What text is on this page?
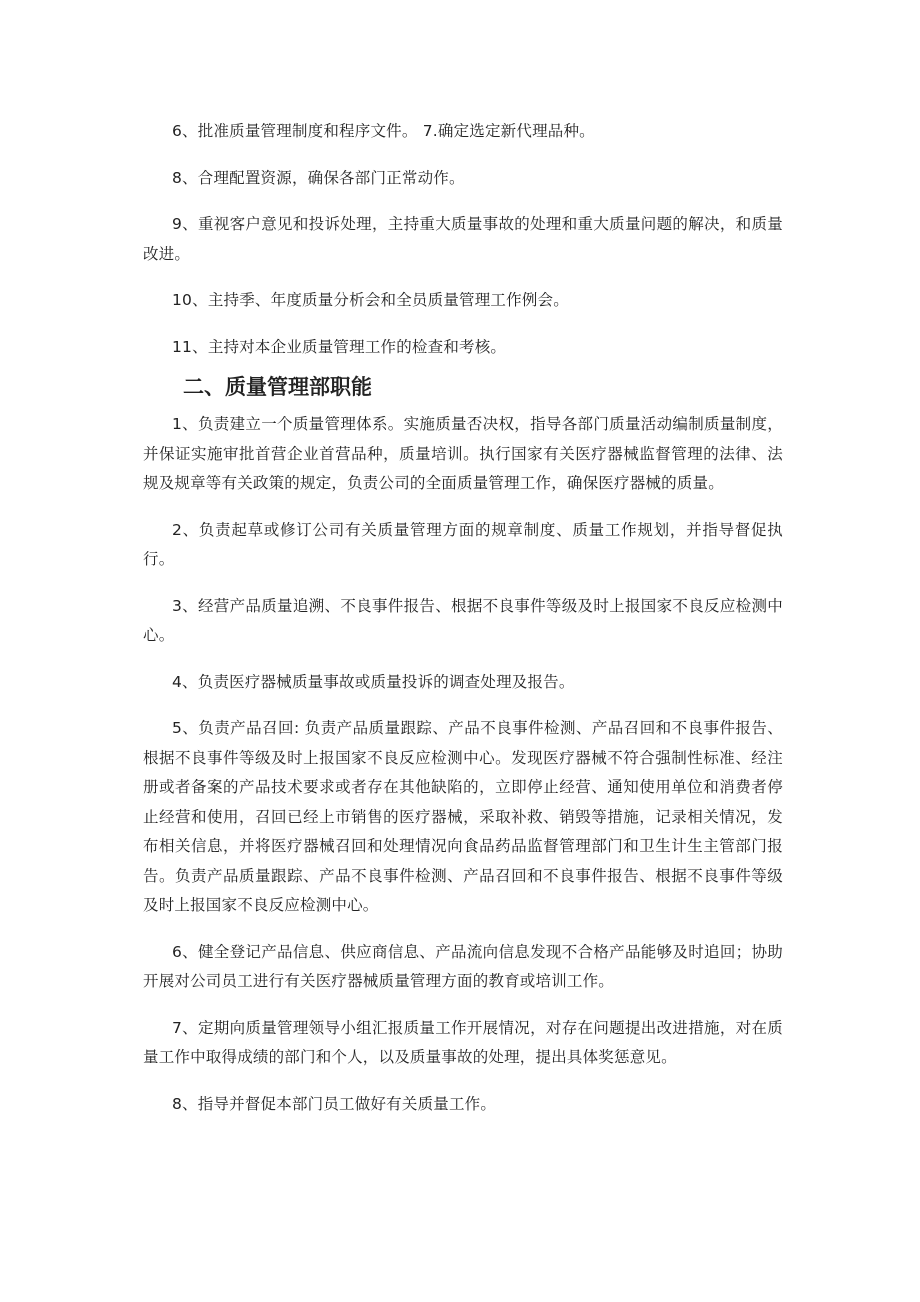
6、批准质量管理制度和程序文件。 7.确定选定新代理品种。

8、合理配置资源，确保各部门正常动作。

9、重视客户意见和投诉处理，主持重大质量事故的处理和重大质量问题的解决，和质量改进。

10、主持季、年度质量分析会和全员质量管理工作例会。

11、主持对本企业质量管理工作的检查和考核。

二、质量管理部职能

1、负责建立一个质量管理体系。实施质量否决权，指导各部门质量活动编制质量制度，并保证实施审批首营企业首营品种，质量培训。执行国家有关医疗器械监督管理的法律、法规及规章等有关政策的规定，负责公司的全面质量管理工作，确保医疗器械的质量。

2、负责起草或修订公司有关质量管理方面的规章制度、质量工作规划，并指导督促执行。

3、经营产品质量追溯、不良事件报告、根据不良事件等级及时上报国家不良反应检测中心。

4、负责医疗器械质量事故或质量投诉的调查处理及报告。

5、负责产品召回: 负责产品质量跟踪、产品不良事件检测、产品召回和不良事件报告、根据不良事件等级及时上报国家不良反应检测中心。发现医疗器械不符合强制性标准、经注册或者备案的产品技术要求或者存在其他缺陷的，立即停止经营、通知使用单位和消费者停止经营和使用，召回已经上市销售的医疗器械，采取补救、销毁等措施，记录相关情况，发布相关信息，并将医疗器械召回和处理情况向食品药品监督管理部门和卫生计生主管部门报告。负责产品质量跟踪、产品不良事件检测、产品召回和不良事件报告、根据不良事件等级及时上报国家不良反应检测中心。

6、健全登记产品信息、供应商信息、产品流向信息发现不合格产品能够及时追回；协助开展对公司员工进行有关医疗器械质量管理方面的教育或培训工作。

7、定期向质量管理领导小组汇报质量工作开展情况，对存在问题提出改进措施，对在质量工作中取得成绩的部门和个人，以及质量事故的处理，提出具体奖惩意见。

8、指导并督促本部门员工做好有关质量工作。
